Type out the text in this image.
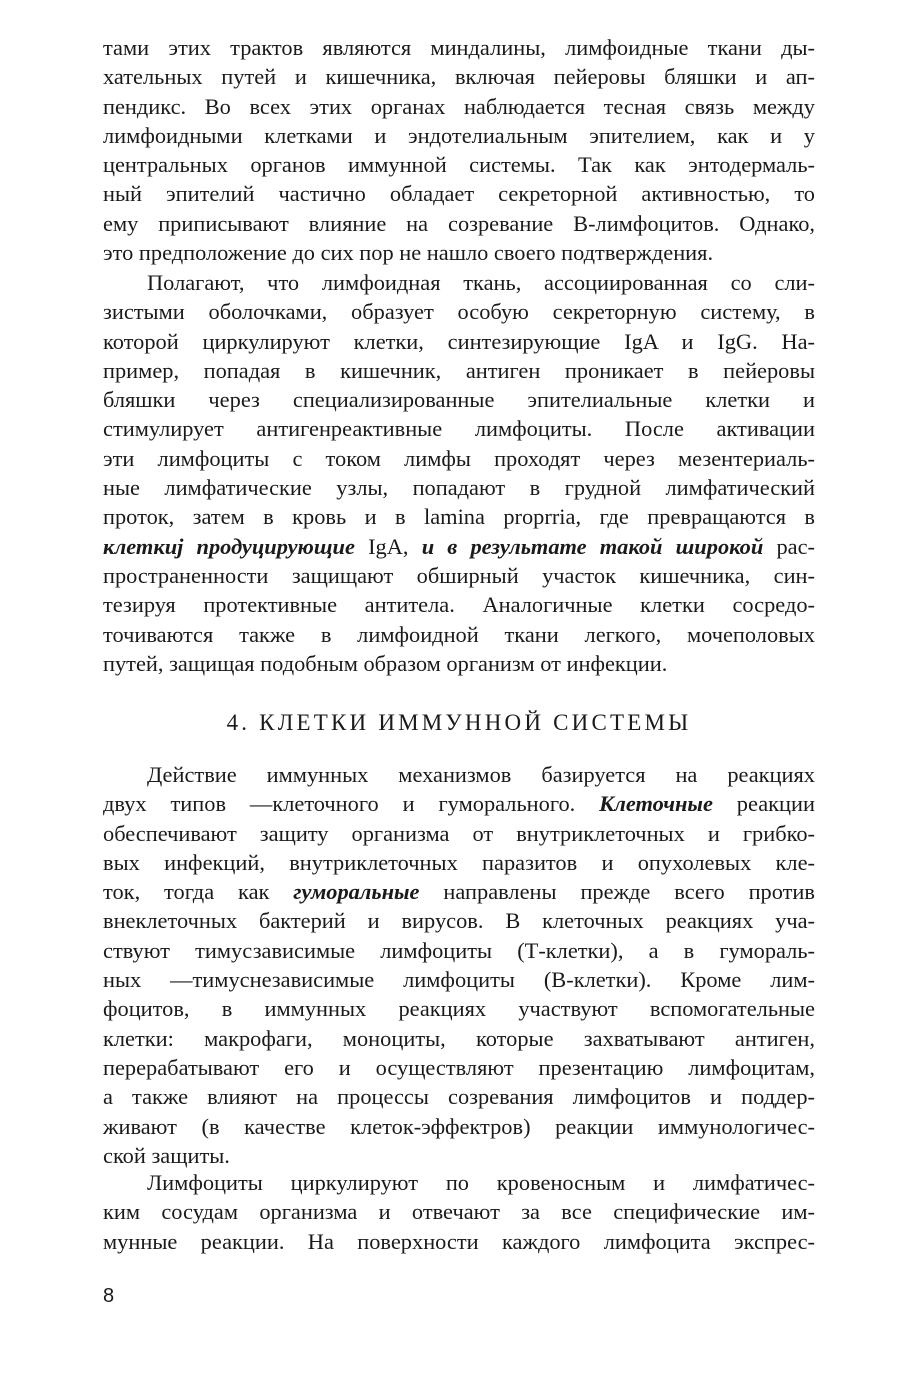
тами этих трактов являются миндалины, лимфоидные ткани ды-
хательных путей и кишечника, включая пейеровы бляшки и ап-
пендикс. Во всех этих органах наблюдается тесная связь между
лимфоидными клетками и эндотелиальным эпителием, как и у
центральных органов иммунной системы. Так как энтодермаль-
ный эпителий частично обладает секреторной активностью, то
ему приписывают влияние на созревание В-лимфоцитов. Однако,
это предположение до сих пор не нашло своего подтверждения.
Полагают, что лимфоидная ткань, ассоциированная со сли-
зистыми оболочками, образует особую секреторную систему, в
которой циркулируют клетки, синтезирующие IgA и IgG. На-
пример, попадая в кишечник, антиген проникает в пейеровы
бляшки через специализированные эпителиальные клетки и
стимулирует антигенреактивные лимфоциты. После активации
эти лимфоциты с током лимфы проходят через мезентериаль-
ные лимфатические узлы, попадают в грудной лимфатический
проток, затем в кровь и в lamina proprria, где превращаются в
клеткиj продуцирующие IgA, и в результате такой широкой рас-
пространенности защищают обширный участок кишечника, син-
тезируя протективные антитела. Аналогичные клетки сосредо-
точиваются также в лимфоидной ткани легкого, мочеполовых
путей, защищая подобным образом организм от инфекции.
4. КЛЕТКИ ИММУННОЙ СИСТЕМЫ
Действие иммунных механизмов базируется на реакциях
двух типов —клеточного и гуморального. Клеточные реакции
обеспечивают защиту организма от внутриклеточных и грибко-
вых инфекций, внутриклеточных паразитов и опухолевых кле-
ток, тогда как гуморальные направлены прежде всего против
внеклеточных бактерий и вирусов. В клеточных реакциях уча-
ствуют тимусзависимые лимфоциты (Т-клетки), а в гумораль-
ных —тимуснезависимые лимфоциты (В-клетки). Кроме лим-
фоцитов, в иммунных реакциях участвуют вспомогательные
клетки: макрофаги, моноциты, которые захватывают антиген,
перерабатывают его и осуществляют презентацию лимфоцитам,
а также влияют на процессы созревания лимфоцитов и поддер-
живают (в качестве клеток-эффектров) реакции иммунологичес-
ской защиты.
Лимфоциты циркулируют по кровеносным и лимфатичес-
ким сосудам организма и отвечают за все специфические им-
мунные реакции. На поверхности каждого лимфоцита экспрес-
8
